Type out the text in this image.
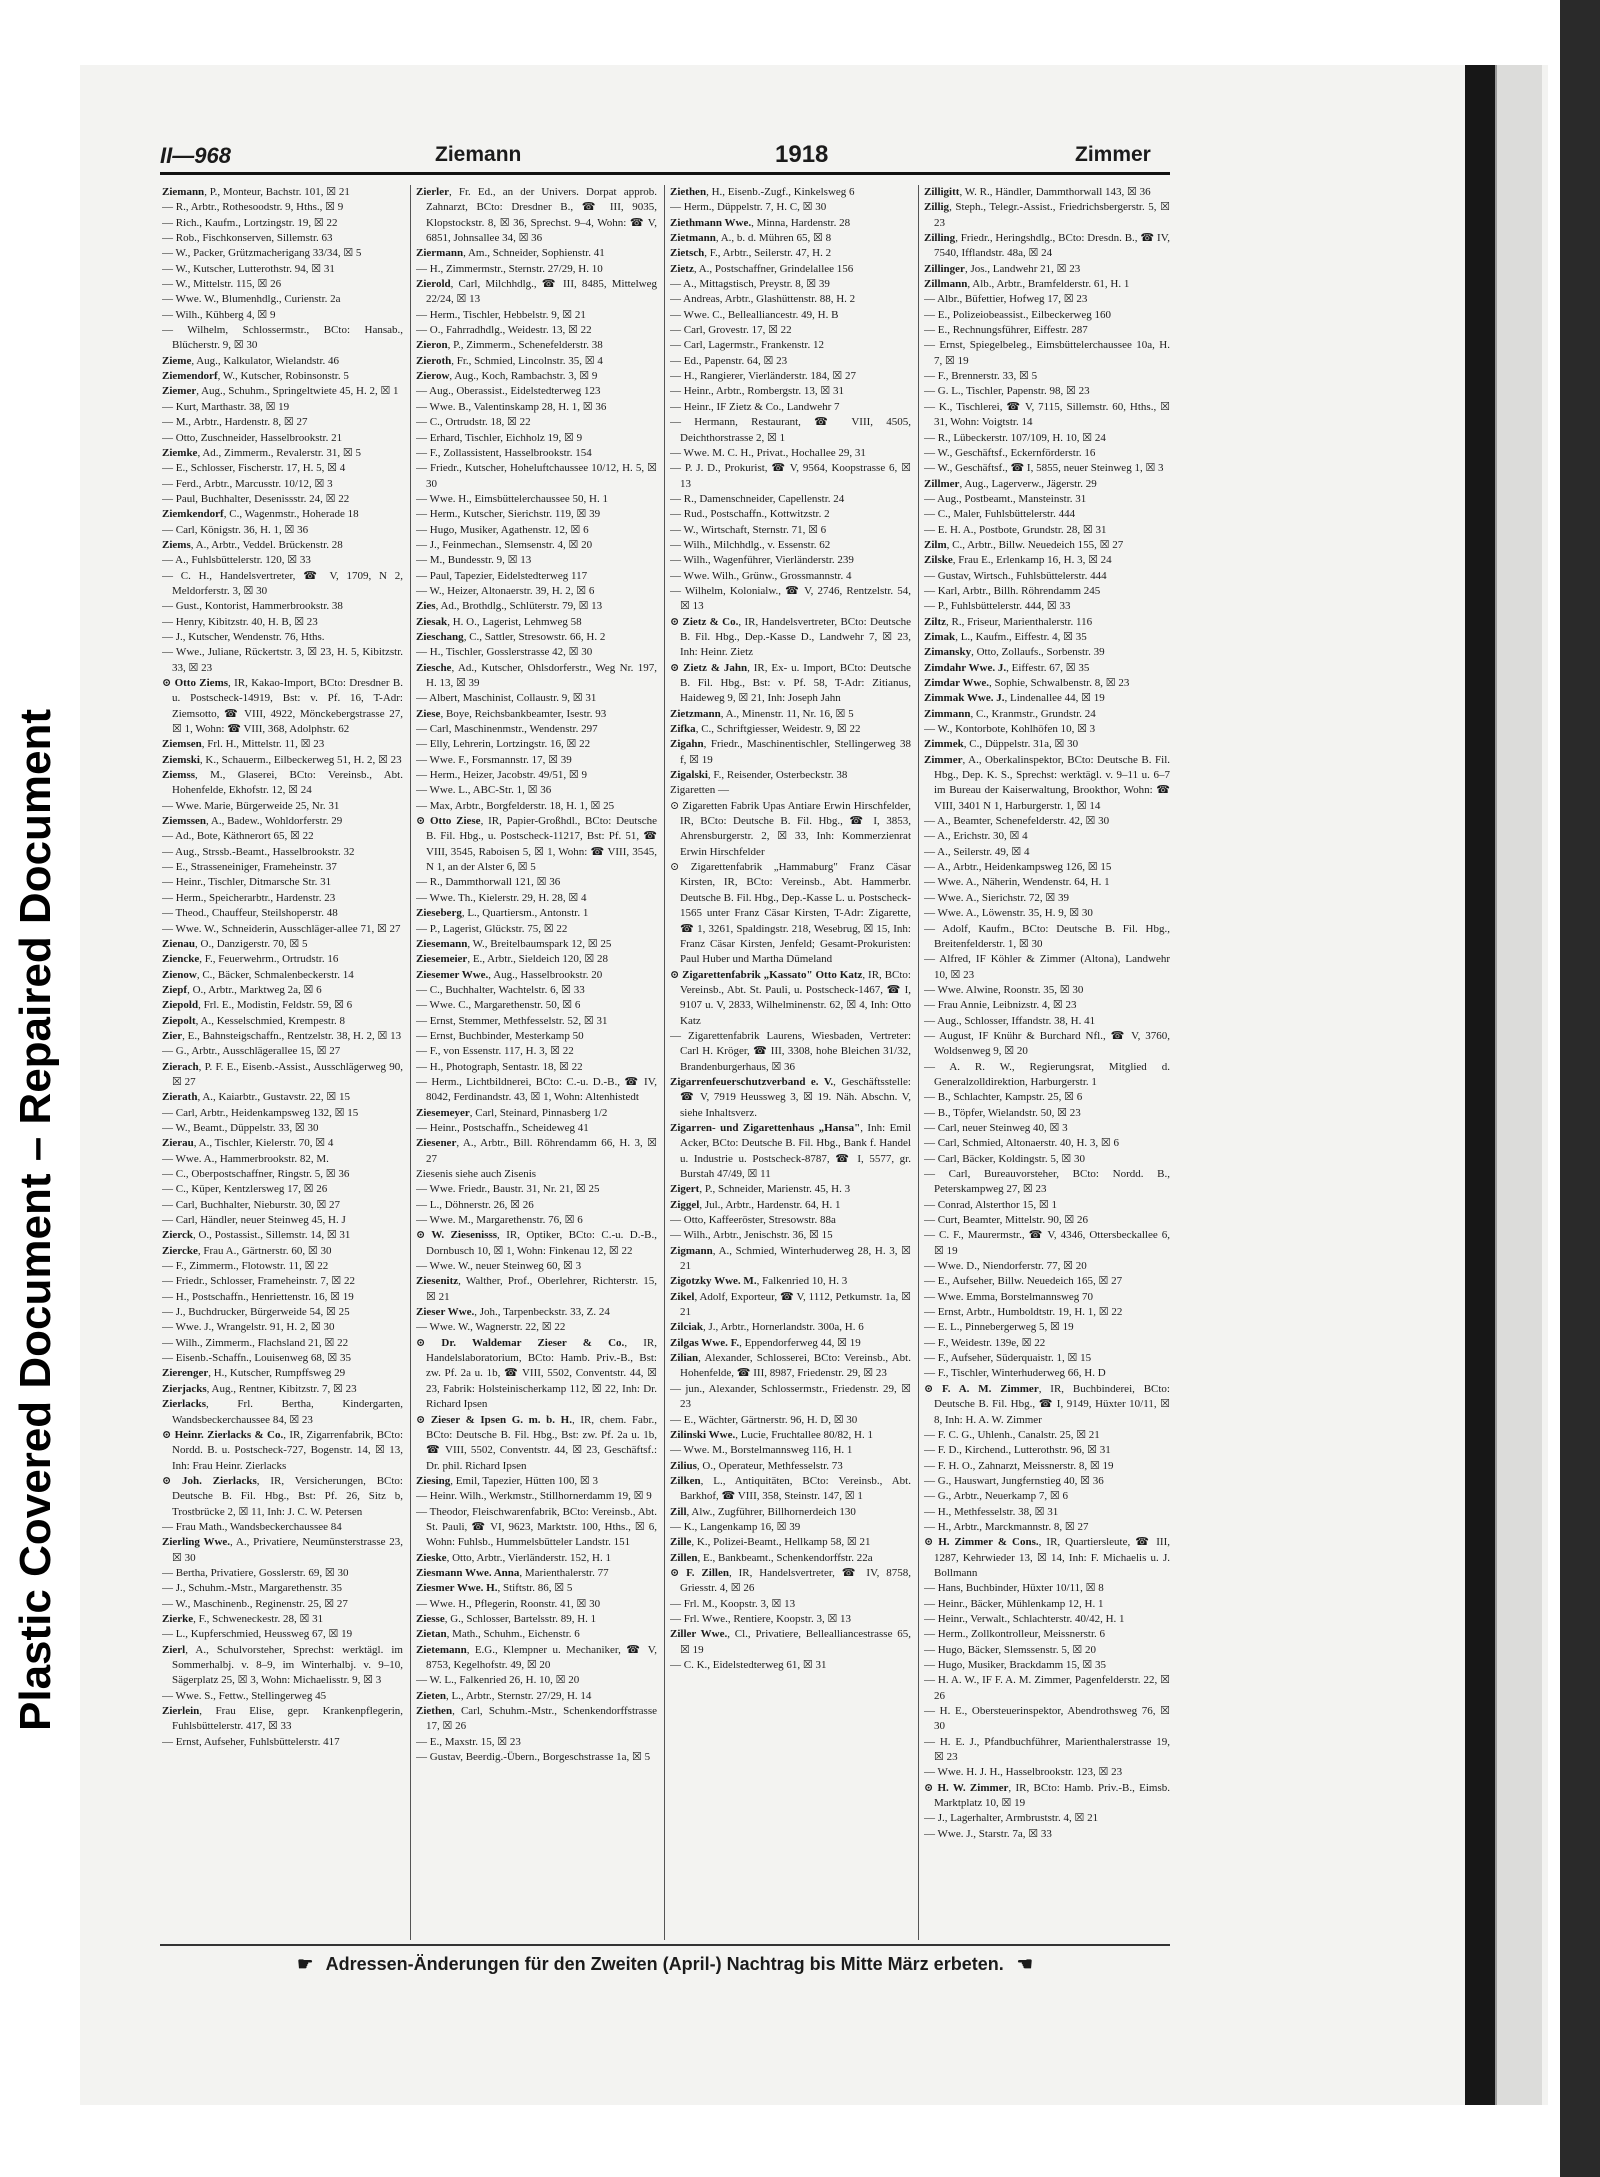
Plastic Covered Document – Repaired Document
II—968	Ziemann	1918	Zimmer

Ziemann, P., Monteur, Bachstr. 101, ☒ 21

— R., Arbtr., Rothesoodstr. 9, Hths., ☒ 9

— Rich., Kaufm., Lortzingstr. 19, ☒ 22

— Rob., Fischkonserven, Sillemstr. 63

— W., Packer, Grützmacherigang 33/34, ☒ 5

— W., Kutscher, Lutterothstr. 94, ☒ 31

— W., Mittelstr. 115, ☒ 26

— Wwe. W., Blumenhdlg., Curienstr. 2a

— Wilh., Kühberg 4, ☒ 9

— Wilhelm, Schlossermstr., BCto: Hansab., Blücherstr. 9, ☒ 30

Zieme, Aug., Kalkulator, Wielandstr. 46

Ziemendorf, W., Kutscher, Robinsonstr. 5

Ziemer, Aug., Schuhm., Springeltwiete 45, H. 2, ☒ 1

— Kurt, Marthastr. 38, ☒ 19

— M., Arbtr., Hardenstr. 8, ☒ 27

— Otto, Zuschneider, Hasselbrookstr. 21

Ziemke, Ad., Zimmerm., Revalerstr. 31, ☒ 5

— E., Schlosser, Fischerstr. 17, H. 5, ☒ 4

— Ferd., Arbtr., Marcusstr. 10/12, ☒ 3

— Paul, Buchhalter, Desenissstr. 24, ☒ 22

Ziemkendorf, C., Wagenmstr., Hoherade 18

— Carl, Königstr. 36, H. 1, ☒ 36

Ziems, A., Arbtr., Veddel. Brückenstr. 28

— A., Fuhlsbüttelerstr. 120, ☒ 33

— C. H., Handelsvertreter, ☎ V, 1709, N 2, Meldorferstr. 3, ☒ 30

— Gust., Kontorist, Hammerbrookstr. 38

— Henry, Kibitzstr. 40, H. B, ☒ 23

— J., Kutscher, Wendenstr. 76, Hths.

— Wwe., Juliane, Rückertstr. 3, ☒ 23, H. 5, Kibitzstr. 33, ☒ 23

⊙ Otto Ziems, IR, Kakao-Import, BCto: Dresdner B. u. Postscheck-14919, Bst: v. Pf. 16, T-Adr: Ziemsotto, ☎ VIII, 4922, Mönckebergstrasse 27, ☒ 1, Wohn: ☎ VIII, 368, Adolphstr. 62

Ziemsen, Frl. H., Mittelstr. 11, ☒ 23

Ziemski, K., Schauerm., Eilbeckerweg 51, H. 2, ☒ 23

Ziemss, M., Glaserei, BCto: Vereinsb., Abt. Hohenfelde, Ekhofstr. 12, ☒ 24

— Wwe. Marie, Bürgerweide 25, Nr. 31

Ziemssen, A., Badew., Wohldorferstr. 29

— Ad., Bote, Käthnerort 65, ☒ 22

— Aug., Strssb.-Beamt., Hasselbrookstr. 32

— E., Strasseneiniger, Frameheinstr. 37

— Heinr., Tischler, Ditmarsche Str. 31

— Herm., Speicherarbtr., Hardenstr. 23

— Theod., Chauffeur, Steilshoperstr. 48

— Wwe. W., Schneiderin, Ausschläger-allee 71, ☒ 27

Zienau, O., Danzigerstr. 70, ☒ 5

Ziencke, F., Feuerwehrm., Ortrudstr. 16

Zienow, C., Bäcker, Schmalenbeckerstr. 14

Ziepf, O., Arbtr., Marktweg 2a, ☒ 6

Ziepold, Frl. E., Modistin, Feldstr. 59, ☒ 6

Ziepolt, A., Kesselschmied, Krempestr. 8

Zier, E., Bahnsteigschaffn., Rentzelstr. 38, H. 2, ☒ 13

— G., Arbtr., Ausschlägerallee 15, ☒ 27

Zierach, P. F. E., Eisenb.-Assist., Ausschlägerweg 90, ☒ 27

Zierath, A., Kaiarbtr., Gustavstr. 22, ☒ 15

— Carl, Arbtr., Heidenkampsweg 132, ☒ 15

— W., Beamt., Düppelstr. 33, ☒ 30

Zierau, A., Tischler, Kielerstr. 70, ☒ 4

— Wwe. A., Hammerbrookstr. 82, M.

— C., Oberpostschaffner, Ringstr. 5, ☒ 36

— C., Küper, Kentzlersweg 17, ☒ 26

— Carl, Buchhalter, Nieburstr. 30, ☒ 27

— Carl, Händler, neuer Steinweg 45, H. J

Zierck, O., Postassist., Sillemstr. 14, ☒ 31

Ziercke, Frau A., Gärtnerstr. 60, ☒ 30

— F., Zimmerm., Flotowstr. 11, ☒ 22

— Friedr., Schlosser, Frameheinstr. 7, ☒ 22

— H., Postschaffn., Henriettenstr. 16, ☒ 19

— J., Buchdrucker, Bürgerweide 54, ☒ 25

— Wwe. J., Wrangelstr. 91, H. 2, ☒ 30

— Wilh., Zimmerm., Flachsland 21, ☒ 22

— Eisenb.-Schaffn., Louisenweg 68, ☒ 35

Zierenger, H., Kutscher, Rumpffsweg 29

Zierjacks, Aug., Rentner, Kibitzstr. 7, ☒ 23

Zierlacks, Frl. Bertha, Kindergarten, Wandsbeckerchaussee 84, ☒ 23

⊙ Heinr. Zierlacks & Co., IR, Zigarrenfabrik, BCto: Nordd. B. u. Postscheck-727, Bogenstr. 14, ☒ 13, Inh: Frau Heinr. Zierlacks

⊙ Joh. Zierlacks, IR, Versicherungen, BCto: Deutsche B. Fil. Hbg., Bst: Pf. 26, Sitz b, Trostbrücke 2, ☒ 11, Inh: J. C. W. Petersen

— Frau Math., Wandsbeckerchaussee 84

Zierling Wwe., A., Privatiere, Neumünsterstrasse 23, ☒ 30

— Bertha, Privatiere, Gosslerstr. 69, ☒ 30

— J., Schuhm.-Mstr., Margarethenstr. 35

— W., Maschinenb., Reginenstr. 25, ☒ 27

Zierke, F., Schweneckestr. 28, ☒ 31

— L., Kupferschmied, Heussweg 67, ☒ 19

Zierl, A., Schulvorsteher, Sprechst: werktägl. im Sommerhalbj. v. 8–9, im Winterhalbj. v. 9–10, Sägerplatz 25, ☒ 3, Wohn: Michaelisstr. 9, ☒ 3

— Wwe. S., Fettw., Stellingerweg 45

Zierlein, Frau Elise, gepr. Krankenpflegerin, Fuhlsbüttelerstr. 417, ☒ 33

— Ernst, Aufseher, Fuhlsbüttelerstr. 417

Zierler, Fr. Ed., an der Univers. Dorpat approb. Zahnarzt, BCto: Dresdner B., ☎ III, 9035, Klopstockstr. 8, ☒ 36, Sprechst. 9–4, Wohn: ☎ V, 6851, Johnsallee 34, ☒ 36

Ziermann, Am., Schneider, Sophienstr. 41

— H., Zimmermstr., Sternstr. 27/29, H. 10

Zierold, Carl, Milchhdlg., ☎ III, 8485, Mittelweg 22/24, ☒ 13

— Herm., Tischler, Hebbelstr. 9, ☒ 21

— O., Fahrradhdlg., Weidestr. 13, ☒ 22

Zieron, P., Zimmerm., Schenefelderstr. 38

Zieroth, Fr., Schmied, Lincolnstr. 35, ☒ 4

Zierow, Aug., Koch, Rambachstr. 3, ☒ 9

— Aug., Oberassist., Eidelstedterweg 123

— Wwe. B., Valentinskamp 28, H. 1, ☒ 36

— C., Ortrudstr. 18, ☒ 22

— Erhard, Tischler, Eichholz 19, ☒ 9

— F., Zollassistent, Hasselbrookstr. 154

— Friedr., Kutscher, Hoheluftchaussee 10/12, H. 5, ☒ 30

— Wwe. H., Eimsbüttelerchaussee 50, H. 1

— Herm., Kutscher, Sierichstr. 119, ☒ 39

— Hugo, Musiker, Agathenstr. 12, ☒ 6

— J., Feinmechan., Slemsenstr. 4, ☒ 20

— M., Bundesstr. 9, ☒ 13

— Paul, Tapezier, Eidelstedterweg 117

— W., Heizer, Altonaerstr. 39, H. 2, ☒ 6

Zies, Ad., Brothdlg., Schlüterstr. 79, ☒ 13

Ziesak, H. O., Lagerist, Lehmweg 58

Zieschang, C., Sattler, Stresowstr. 66, H. 2

— H., Tischler, Gosslerstrasse 42, ☒ 30

Ziesche, Ad., Kutscher, Ohlsdorferstr., Weg Nr. 197, H. 13, ☒ 39

— Albert, Maschinist, Collaustr. 9, ☒ 31

Ziese, Boye, Reichsbankbeamter, Isestr. 93

— Carl, Maschinenmstr., Wendenstr. 297

— Elly, Lehrerin, Lortzingstr. 16, ☒ 22

— Wwe. F., Forsmannstr. 17, ☒ 39

— Herm., Heizer, Jacobstr. 49/51, ☒ 9

— Wwe. L., ABC-Str. 1, ☒ 36

— Max, Arbtr., Borgfelderstr. 18, H. 1, ☒ 25

⊙ Otto Ziese, IR, Papier-Großhdl., BCto: Deutsche B. Fil. Hbg., u. Postscheck-11217, Bst: Pf. 51, ☎ VIII, 3545, Raboisen 5, ☒ 1, Wohn: ☎ VIII, 3545, N 1, an der Alster 6, ☒ 5

— R., Dammthorwall 121, ☒ 36

— Wwe. Th., Kielerstr. 29, H. 28, ☒ 4

Zieseberg, L., Quartiersm., Antonstr. 1

— P., Lagerist, Glückstr. 75, ☒ 22

Ziesemann, W., Breitelbaumspark 12, ☒ 25

Ziesemeier, E., Arbtr., Sieldeich 120, ☒ 28

Ziesemer Wwe., Aug., Hasselbrookstr. 20

— C., Buchhalter, Wachtelstr. 6, ☒ 33

— Wwe. C., Margarethenstr. 50, ☒ 6

— Ernst, Stemmer, Methfesselstr. 52, ☒ 31

— Ernst, Buchbinder, Mesterkamp 50

— F., von Essenstr. 117, H. 3, ☒ 22

— H., Photograph, Sentastr. 18, ☒ 22

— Herm., Lichtbildnerei, BCto: C.-u. D.-B., ☎ IV, 8042, Ferdinandstr. 43, ☒ 1, Wohn: Altenhistedt

Ziesemeyer, Carl, Steinard, Pinnasberg 1/2

— Heinr., Postschaffn., Scheideweg 41

Ziesener, A., Arbtr., Bill. Röhrendamm 66, H. 3, ☒ 27

Ziesenis siehe auch Zisenis

— Wwe. Friedr., Baustr. 31, Nr. 21, ☒ 25

— L., Döhnerstr. 26, ☒ 26

— Wwe. M., Margarethenstr. 76, ☒ 6

⊙ W. Ziesenisss, IR, Optiker, BCto: C.-u. D.-B., Dornbusch 10, ☒ 1, Wohn: Finkenau 12, ☒ 22

— Wwe. W., neuer Steinweg 60, ☒ 3

Ziesenitz, Walther, Prof., Oberlehrer, Richterstr. 15, ☒ 21

Zieser Wwe., Joh., Tarpenbeckstr. 33, Z. 24

— Wwe. W., Wagnerstr. 22, ☒ 22

⊙ Dr. Waldemar Zieser & Co., IR, Handelslaboratorium, BCto: Hamb. Priv.-B., Bst: zw. Pf. 2a u. 1b, ☎ VIII, 5502, Conventstr. 44, ☒ 23, Fabrik: Holsteinischerkamp 112, ☒ 22, Inh: Dr. Richard Ipsen

⊙ Zieser & Ipsen G. m. b. H., IR, chem. Fabr., BCto: Deutsche B. Fil. Hbg., Bst: zw. Pf. 2a u. 1b, ☎ VIII, 5502, Conventstr. 44, ☒ 23, Geschäftsf.: Dr. phil. Richard Ipsen

Ziesing, Emil, Tapezier, Hütten 100, ☒ 3

— Heinr. Wilh., Werkmstr., Stillhornerdamm 19, ☒ 9

— Theodor, Fleischwarenfabrik, BCto: Vereinsb., Abt. St. Pauli, ☎ VI, 9623, Marktstr. 100, Hths., ☒ 6, Wohn: Fuhlsb., Hummelsbütteler Landstr. 151

Zieske, Otto, Arbtr., Vierländerstr. 152, H. 1

Ziesmann Wwe. Anna, Marienthalerstr. 77

Ziesmer Wwe. H., Stiftstr. 86, ☒ 5

— Wwe. H., Pflegerin, Roonstr. 41, ☒ 30

Ziesse, G., Schlosser, Bartelsstr. 89, H. 1

Zietan, Math., Schuhm., Eichenstr. 6

Zietemann, E.G., Klempner u. Mechaniker, ☎ V, 8753, Kegelhofstr. 49, ☒ 20

— W. L., Falkenried 26, H. 10, ☒ 20

Zieten, L., Arbtr., Sternstr. 27/29, H. 14

Ziethen, Carl, Schuhm.-Mstr., Schenkendorffstrasse 17, ☒ 26

— E., Maxstr. 15, ☒ 23

— Gustav, Beerdig.-Übern., Borgeschstrasse 1a, ☒ 5

Ziethen, H., Eisenb.-Zugf., Kinkelsweg 6

— Herm., Düppelstr. 7, H. C, ☒ 30

Ziethmann Wwe., Minna, Hardenstr. 28

Zietmann, A., b. d. Mühren 65, ☒ 8

Zietsch, F., Arbtr., Seilerstr. 47, H. 2

Zietz, A., Postschaffner, Grindelallee 156

— A., Mittagstisch, Preystr. 8, ☒ 39

— Andreas, Arbtr., Glashüttenstr. 88, H. 2

— Wwe. C., Bellealliancestr. 49, H. B

— Carl, Grovestr. 17, ☒ 22

— Carl, Lagermstr., Frankenstr. 12

— Ed., Papenstr. 64, ☒ 23

— H., Rangierer, Vierländerstr. 184, ☒ 27

— Heinr., Arbtr., Rombergstr. 13, ☒ 31

— Heinr., IF Zietz & Co., Landwehr 7

— Hermann, Restaurant, ☎ VIII, 4505, Deichthorstrasse 2, ☒ 1

— Wwe. M. C. H., Privat., Hochallee 29, 31

— P. J. D., Prokurist, ☎ V, 9564, Koopstrasse 6, ☒ 13

— R., Damenschneider, Capellenstr. 24

— Rud., Postschaffn., Kottwitzstr. 2

— W., Wirtschaft, Sternstr. 71, ☒ 6

— Wilh., Milchhdlg., v. Essenstr. 62

— Wilh., Wagenführer, Vierländerstr. 239

— Wwe. Wilh., Grünw., Grossmannstr. 4

— Wilhelm, Kolonialw., ☎ V, 2746, Rentzelstr. 54, ☒ 13

⊙ Zietz & Co., IR, Handelsvertreter, BCto: Deutsche B. Fil. Hbg., Dep.-Kasse D., Landwehr 7, ☒ 23, Inh: Heinr. Zietz

⊙ Zietz & Jahn, IR, Ex- u. Import, BCto: Deutsche B. Fil. Hbg., Bst: v. Pf. 58, T-Adr: Zitianus, Haideweg 9, ☒ 21, Inh: Joseph Jahn

Zietzmann, A., Minenstr. 11, Nr. 16, ☒ 5

Zifka, C., Schriftgiesser, Weidestr. 9, ☒ 22

Zigahn, Friedr., Maschinentischler, Stellingerweg 38 f, ☒ 19

Zigalski, F., Reisender, Osterbeckstr. 38

Zigaretten —

⊙ Zigaretten Fabrik Upas Antiare Erwin Hirschfelder, IR, BCto: Deutsche B. Fil. Hbg., ☎ I, 3853, Ahrensburgerstr. 2, ☒ 33, Inh: Kommerzienrat Erwin Hirschfelder

⊙ Zigarettenfabrik „Hammaburg" Franz Cäsar Kirsten, IR, BCto: Vereinsb., Abt. Hammerbr. Deutsche B. Fil. Hbg., Dep.-Kasse L. u. Postscheck-1565 unter Franz Cäsar Kirsten, T-Adr: Zigarette, ☎ 1, 3261, Spaldingstr. 218, Wesebrug, ☒ 15, Inh: Franz Cäsar Kirsten, Jenfeld; Gesamt-Prokuristen: Paul Huber und Martha Dümeland

⊙ Zigarettenfabrik „Kassato" Otto Katz, IR, BCto: Vereinsb., Abt. St. Pauli, u. Postscheck-1467, ☎ I, 9107 u. V, 2833, Wilhelminenstr. 62, ☒ 4, Inh: Otto Katz

— Zigarettenfabrik Laurens, Wiesbaden, Vertreter: Carl H. Kröger, ☎ III, 3308, hohe Bleichen 31/32, Brandenburgerhaus, ☒ 36

Zigarrenfeuerschutzverband e. V., Geschäftsstelle: ☎ V, 7919 Heussweg 3, ☒ 19. Näh. Abschn. V, siehe Inhaltsverz.

Zigarren- und Zigarettenhaus „Hansa", Inh: Emil Acker, BCto: Deutsche B. Fil. Hbg., Bank f. Handel u. Industrie u. Postscheck-8787, ☎ I, 5577, gr. Burstah 47/49, ☒ 11

Zigert, P., Schneider, Marienstr. 45, H. 3

Ziggel, Jul., Arbtr., Hardenstr. 64, H. 1

— Otto, Kaffeeröster, Stresowstr. 88a

— Wilh., Arbtr., Jenischstr. 36, ☒ 15

Zigmann, A., Schmied, Winterhuderweg 28, H. 3, ☒ 21

Zigotzky Wwe. M., Falkenried 10, H. 3

Zikel, Adolf, Exporteur, ☎ V, 1112, Petkumstr. 1a, ☒ 21

Zilciak, J., Arbtr., Hornerlandstr. 300a, H. 6

Zilgas Wwe. F., Eppendorferweg 44, ☒ 19

Zilian, Alexander, Schlosserei, BCto: Vereinsb., Abt. Hohenfelde, ☎ III, 8987, Friedenstr. 29, ☒ 23

— jun., Alexander, Schlossermstr., Friedenstr. 29, ☒ 23

— E., Wächter, Gärtnerstr. 96, H. D, ☒ 30

Zilinski Wwe., Lucie, Fruchtallee 80/82, H. 1

— Wwe. M., Borstelmannsweg 116, H. 1

Zilius, O., Operateur, Methfesselstr. 73

Zilken, L., Antiquitäten, BCto: Vereinsb., Abt. Barkhof, ☎ VIII, 358, Steinstr. 147, ☒ 1

Zill, Alw., Zugführer, Billhornerdeich 130

— K., Langenkamp 16, ☒ 39

Zille, K., Polizei-Beamt., Hellkamp 58, ☒ 21

Zillen, E., Bankbeamt., Schenkendorffstr. 22a

⊙ F. Zillen, IR, Handelsvertreter, ☎ IV, 8758, Griesstr. 4, ☒ 26

— Frl. M., Koopstr. 3, ☒ 13

— Frl. Wwe., Rentiere, Koopstr. 3, ☒ 13

Ziller Wwe., Cl., Privatiere, Bellealliancestrasse 65, ☒ 19

— C. K., Eidelstedterweg 61, ☒ 31

Zilligitt, W. R., Händler, Dammthorwall 143, ☒ 36

Zillig, Steph., Telegr.-Assist., Friedrichsbergerstr. 5, ☒ 23

Zilling, Friedr., Heringshdlg., BCto: Dresdn. B., ☎ IV, 7540, Ifflandstr. 48a, ☒ 24

Zillinger, Jos., Landwehr 21, ☒ 23

Zillmann, Alb., Arbtr., Bramfelderstr. 61, H. 1

— Albr., Büfettier, Hofweg 17, ☒ 23

— E., Polizeiobeassist., Eilbeckerweg 160

— E., Rechnungsführer, Eiffestr. 287

— Ernst, Spiegelbeleg., Eimsbüttelerchaussee 10a, H. 7, ☒ 19

— F., Brennerstr. 33, ☒ 5

— G. L., Tischler, Papenstr. 98, ☒ 23

— K., Tischlerei, ☎ V, 7115, Sillemstr. 60, Hths., ☒ 31, Wohn: Voigtstr. 14

— R., Lübeckerstr. 107/109, H. 10, ☒ 24

— W., Geschäftsf., Eckernförderstr. 16

— W., Geschäftsf., ☎ I, 5855, neuer Steinweg 1, ☒ 3

Zillmer, Aug., Lagerverw., Jägerstr. 29

— Aug., Postbeamt., Mansteinstr. 31

— C., Maler, Fuhlsbüttelerstr. 444

— E. H. A., Postbote, Grundstr. 28, ☒ 31

Zilm, C., Arbtr., Billw. Neuedeich 155, ☒ 27

Zilske, Frau E., Erlenkamp 16, H. 3, ☒ 24

— Gustav, Wirtsch., Fuhlsbüttelerstr. 444

— Karl, Arbtr., Billh. Röhrendamm 245

— P., Fuhlsbüttelerstr. 444, ☒ 33

Ziltz, R., Friseur, Marienthalerstr. 116

Zimak, L., Kaufm., Eiffestr. 4, ☒ 35

Zimansky, Otto, Zollaufs., Sorbenstr. 39

Zimdahr Wwe. J., Eiffestr. 67, ☒ 35

Zimdar Wwe., Sophie, Schwalbenstr. 8, ☒ 23

Zimmak Wwe. J., Lindenallee 44, ☒ 19

Zimmann, C., Kranmstr., Grundstr. 24

— W., Kontorbote, Kohlhöfen 10, ☒ 3

Zimmek, C., Düppelstr. 31a, ☒ 30

Zimmer, A., Oberkalinspektor, BCto: Deutsche B. Fil. Hbg., Dep. K. S., Sprechst: werktägl. v. 9–11 u. 6–7 im Bureau der Kaiserwaltung, Brookthor, Wohn: ☎ VIII, 3401 N 1, Harburgerstr. 1, ☒ 14

— A., Beamter, Schenefelderstr. 42, ☒ 30

— A., Erichstr. 30, ☒ 4

— A., Seilerstr. 49, ☒ 4

— A., Arbtr., Heidenkampsweg 126, ☒ 15

— Wwe. A., Näherin, Wendenstr. 64, H. 1

— Wwe. A., Sierichstr. 72, ☒ 39

— Wwe. A., Löwenstr. 35, H. 9, ☒ 30

— Adolf, Kaufm., BCto: Deutsche B. Fil. Hbg., Breitenfelderstr. 1, ☒ 30

— Alfred, IF Köhler & Zimmer (Altona), Landwehr 10, ☒ 23

— Wwe. Alwine, Roonstr. 35, ☒ 30

— Frau Annie, Leibnizstr. 4, ☒ 23

— Aug., Schlosser, Iffandstr. 38, H. 41

— August, IF Knühr & Burchard Nfl., ☎ V, 3760, Woldsenweg 9, ☒ 20

— A. R. W., Regierungsrat, Mitglied d. Generalzolldirektion, Harburgerstr. 1

— B., Schlachter, Kampstr. 25, ☒ 6

— B., Töpfer, Wielandstr. 50, ☒ 23

— Carl, neuer Steinweg 40, ☒ 3

— Carl, Schmied, Altonaerstr. 40, H. 3, ☒ 6

— Carl, Bäcker, Koldingstr. 5, ☒ 30

— Carl, Bureauvorsteher, BCto: Nordd. B., Peterskampweg 27, ☒ 23

— Conrad, Alsterthor 15, ☒ 1

— Curt, Beamter, Mittelstr. 90, ☒ 26

— C. F., Maurermstr., ☎ V, 4346, Ottersbeckallee 6, ☒ 19

— Wwe. D., Niendorferstr. 77, ☒ 20

— E., Aufseher, Billw. Neuedeich 165, ☒ 27

— Wwe. Emma, Borstelmannsweg 70

— Ernst, Arbtr., Humboldtstr. 19, H. 1, ☒ 22

— E. L., Pinnebergerweg 5, ☒ 19

— F., Weidestr. 139e, ☒ 22

— F., Aufseher, Süderquaistr. 1, ☒ 15

— F., Tischler, Winterhuderweg 66, H. D

⊙ F. A. M. Zimmer, IR, Buchbinderei, BCto: Deutsche B. Fil. Hbg., ☎ I, 9149, Hüxter 10/11, ☒ 8, Inh: H. A. W. Zimmer

— F. C. G., Uhlenh., Canalstr. 25, ☒ 21

— F. D., Kirchend., Lutterothstr. 96, ☒ 31

— F. H. O., Zahnarzt, Meissnerstr. 8, ☒ 19

— G., Hauswart, Jungfernstieg 40, ☒ 36

— G., Arbtr., Neuerkamp 7, ☒ 6

— H., Methfesselstr. 38, ☒ 31

— H., Arbtr., Marckmannstr. 8, ☒ 27

⊙ H. Zimmer & Cons., IR, Quartiersleute, ☎ III, 1287, Kehrwieder 13, ☒ 14, Inh: F. Michaelis u. J. Bollmann

— Hans, Buchbinder, Hüxter 10/11, ☒ 8

— Heinr., Bäcker, Mühlenkamp 12, H. 1

— Heinr., Verwalt., Schlachterstr. 40/42, H. 1

— Herm., Zollkontrolleur, Meissnerstr. 6

— Hugo, Bäcker, Slemssenstr. 5, ☒ 20

— Hugo, Musiker, Brackdamm 15, ☒ 35

— H. A. W., IF F. A. M. Zimmer, Pagenfelderstr. 22, ☒ 26

— H. E., Obersteuerinspektor, Abendrothsweg 76, ☒ 30

— H. E. J., Pfandbuchführer, Marienthalerstrasse 19, ☒ 23

— Wwe. H. J. H., Hasselbrookstr. 123, ☒ 23

⊙ H. W. Zimmer, IR, BCto: Hamb. Priv.-B., Eimsb. Marktplatz 10, ☒ 19

— J., Lagerhalter, Armbruststr. 4, ☒ 21

— Wwe. J., Starstr. 7a, ☒ 33

☛ Adressen-Änderungen für den Zweiten (April-) Nachtrag bis Mitte März erbeten. ☚
